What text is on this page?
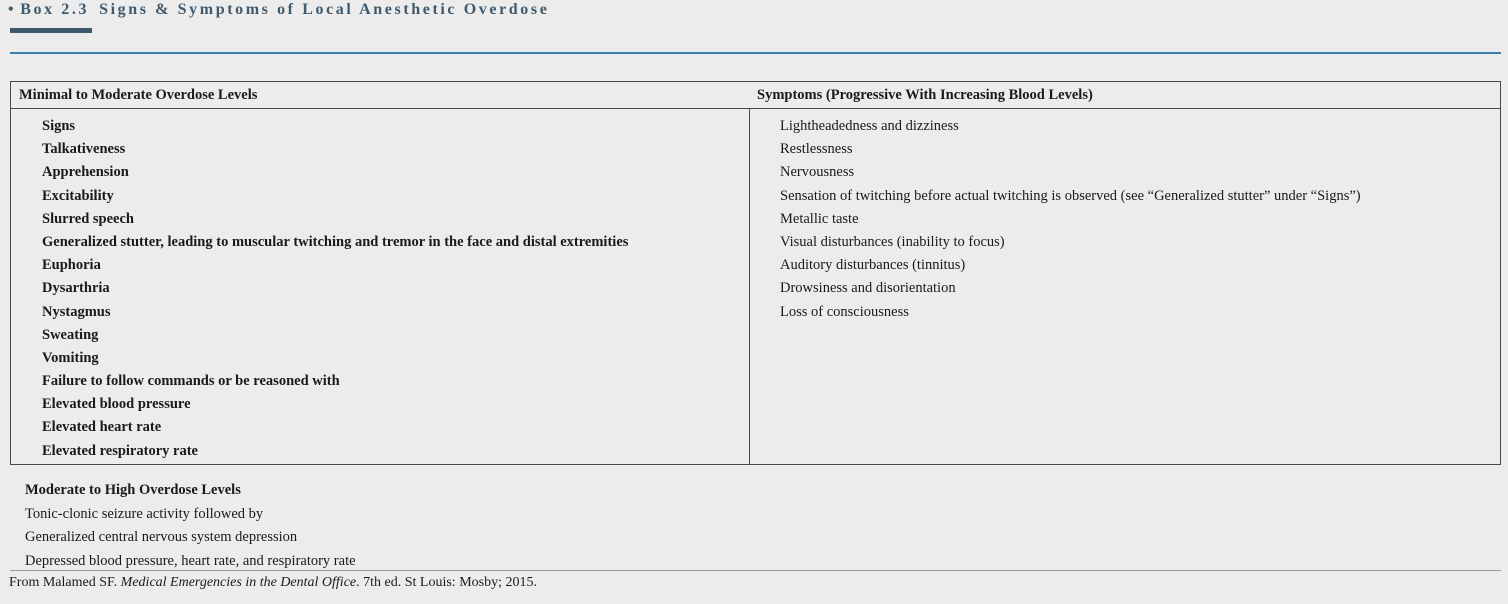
• Box 2.3 Signs & Symptoms of Local Anesthetic Overdose
Minimal to Moderate Overdose Levels	Symptoms (Progressive With Increasing Blood Levels)
Signs
Talkativeness
Apprehension
Excitability
Slurred speech
Generalized stutter, leading to muscular twitching and tremor in the face and distal extremities
Euphoria
Dysarthria
Nystagmus
Sweating
Vomiting
Failure to follow commands or be reasoned with
Elevated blood pressure
Elevated heart rate
Elevated respiratory rate
Lightheadedness and dizziness
Restlessness
Nervousness
Sensation of twitching before actual twitching is observed (see “Generalized stutter” under “Signs”)
Metallic taste
Visual disturbances (inability to focus)
Auditory disturbances (tinnitus)
Drowsiness and disorientation
Loss of consciousness
Moderate to High Overdose Levels
Tonic-clonic seizure activity followed by
Generalized central nervous system depression
Depressed blood pressure, heart rate, and respiratory rate
From Malamed SF. Medical Emergencies in the Dental Office. 7th ed. St Louis: Mosby; 2015.
